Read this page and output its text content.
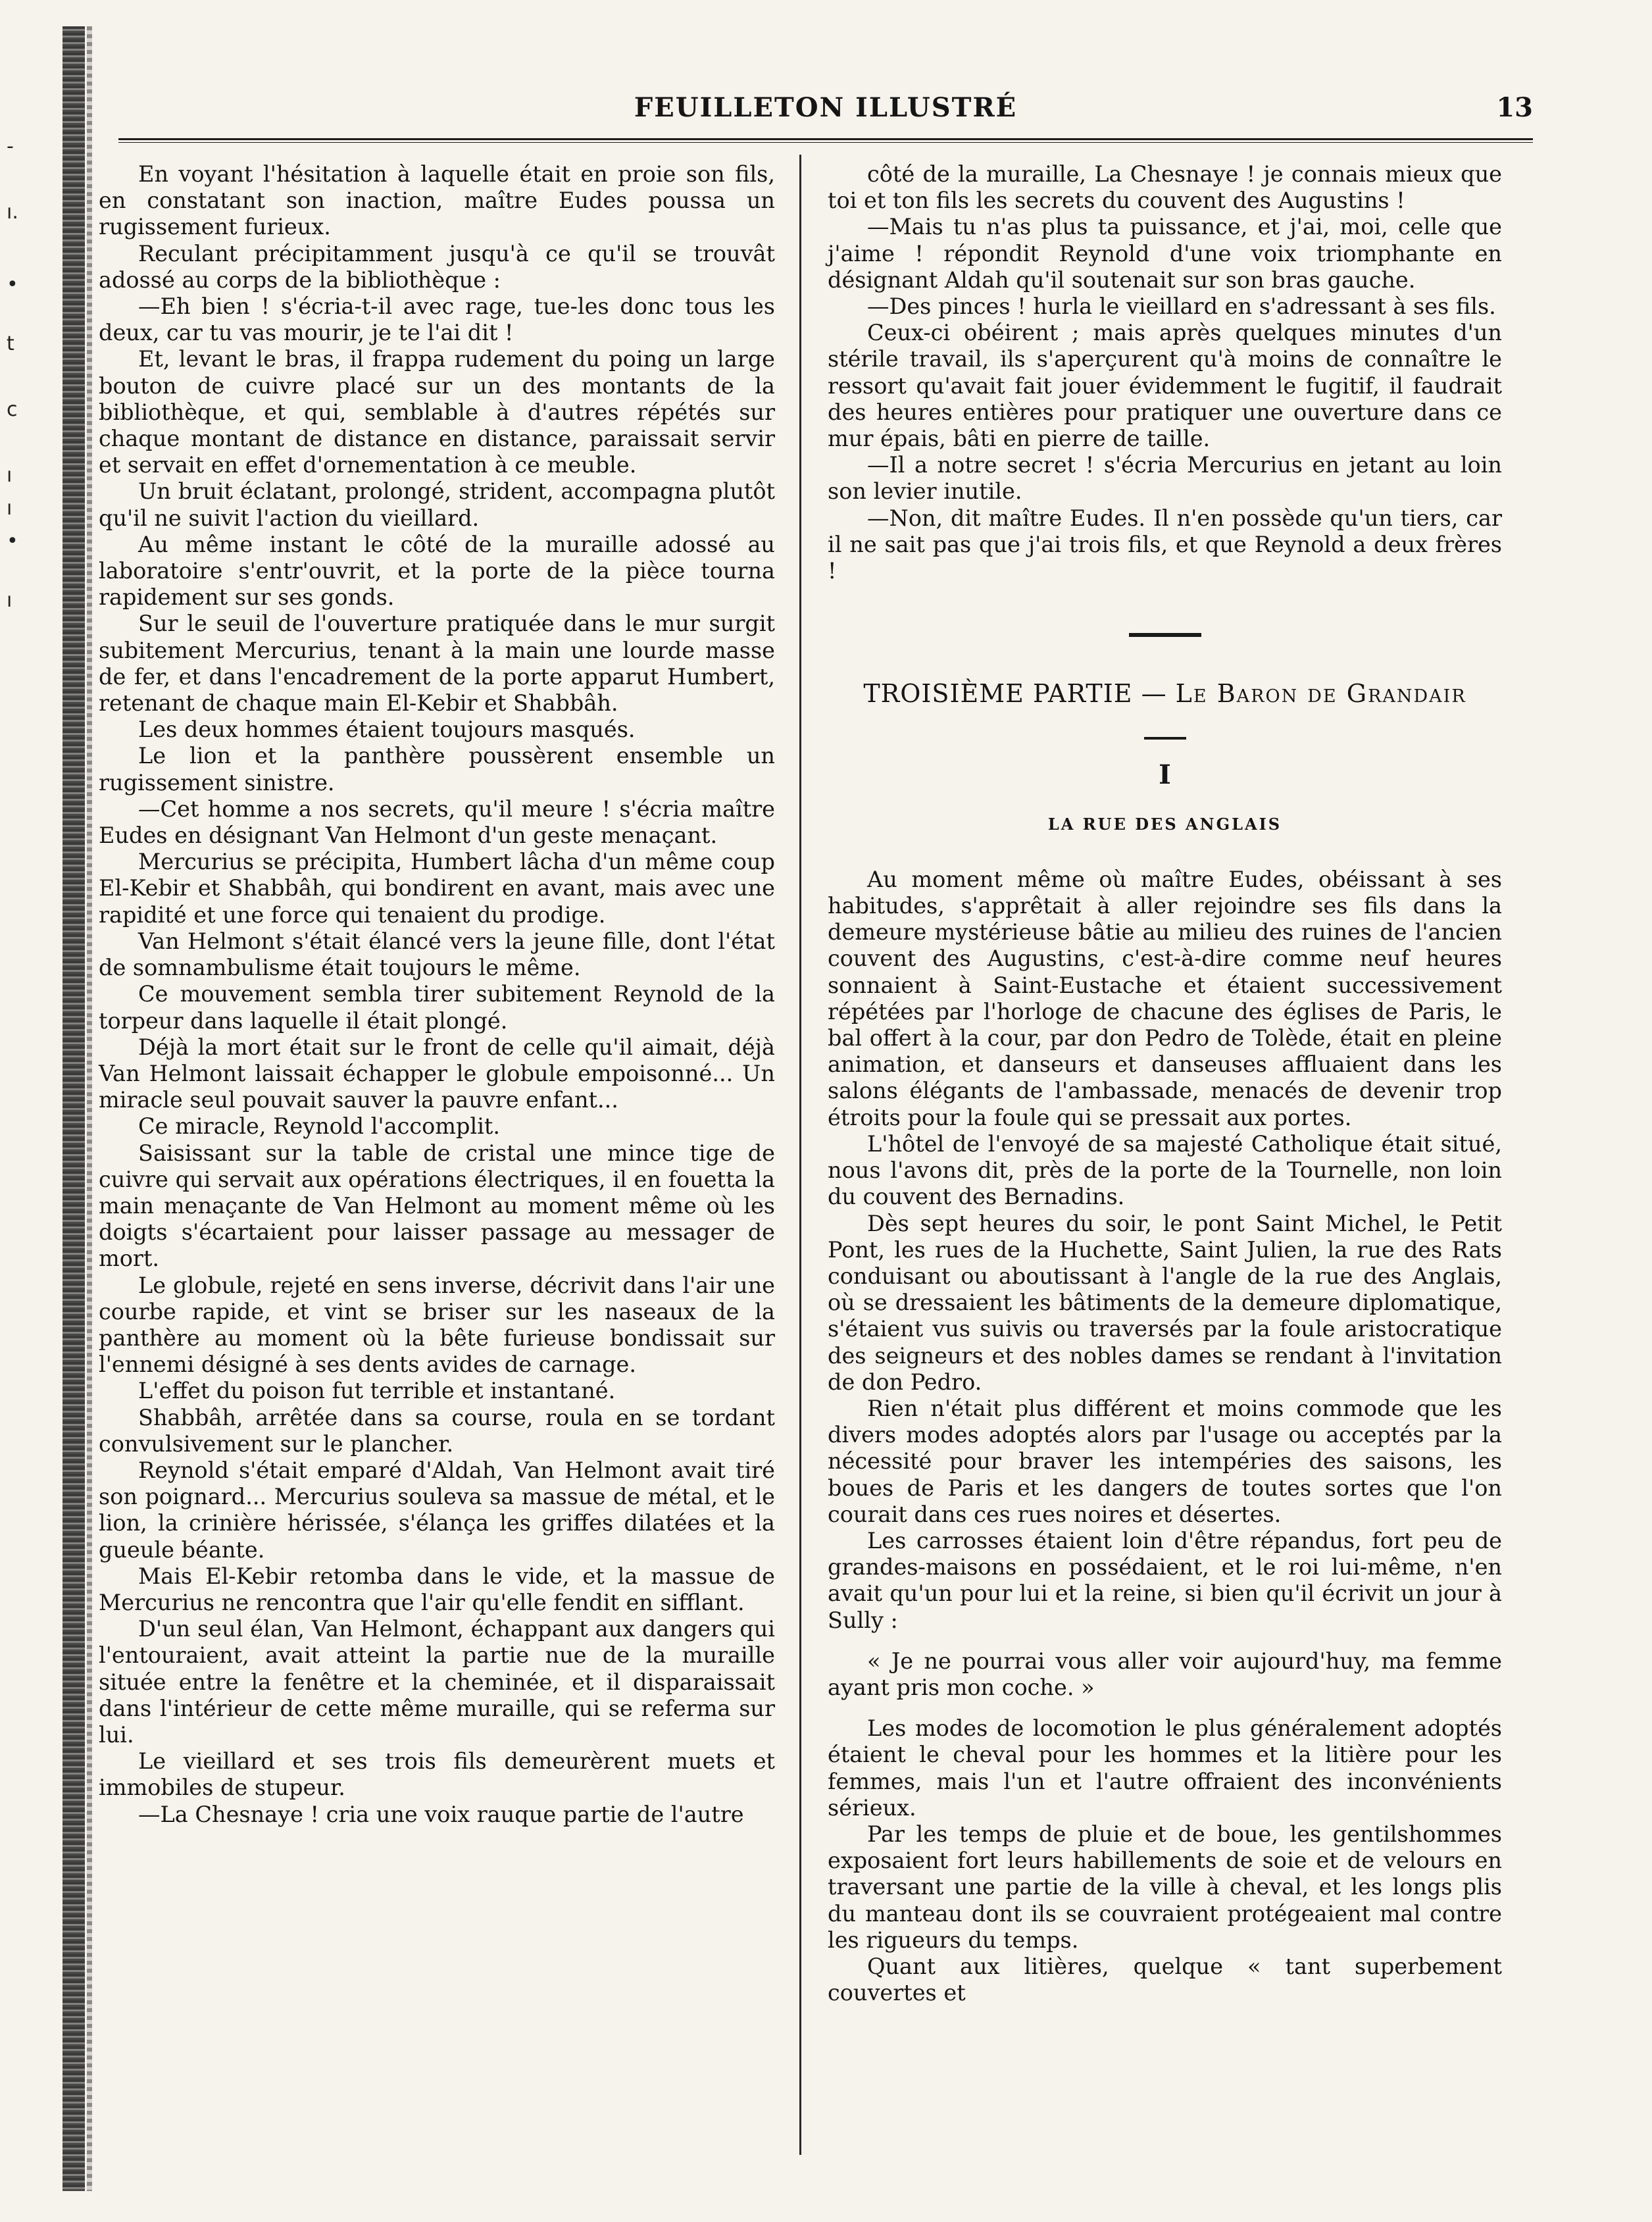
-
ı.
•
t
ᴄ
ı
ı
•
ı
FEUILLETON ILLUSTRÉ	13

En voyant l'hésitation à laquelle était en proie son fils, en constatant son inaction, maître Eudes poussa un rugissement furieux.

Reculant précipitamment jusqu'à ce qu'il se trouvât adossé au corps de la bibliothèque :

—Eh bien ! s'écria-t-il avec rage, tue-les donc tous les deux, car tu vas mourir, je te l'ai dit !

Et, levant le bras, il frappa rudement du poing un large bouton de cuivre placé sur un des montants de la bibliothèque, et qui, semblable à d'autres répétés sur chaque montant de distance en distance, paraissait servir et servait en effet d'ornementation à ce meuble.

Un bruit éclatant, prolongé, strident, accompagna plutôt qu'il ne suivit l'action du vieillard.

Au même instant le côté de la muraille adossé au laboratoire s'entr'ouvrit, et la porte de la pièce tourna rapidement sur ses gonds.

Sur le seuil de l'ouverture pratiquée dans le mur surgit subitement Mercurius, tenant à la main une lourde masse de fer, et dans l'encadrement de la porte apparut Humbert, retenant de chaque main El-Kebir et Shabbâh.

Les deux hommes étaient toujours masqués.

Le lion et la panthère poussèrent ensemble un rugissement sinistre.

—Cet homme a nos secrets, qu'il meure ! s'écria maître Eudes en désignant Van Helmont d'un geste menaçant.

Mercurius se précipita, Humbert lâcha d'un même coup El-Kebir et Shabbâh, qui bondirent en avant, mais avec une rapidité et une force qui tenaient du prodige.

Van Helmont s'était élancé vers la jeune fille, dont l'état de somnambulisme était toujours le même.

Ce mouvement sembla tirer subitement Reynold de la torpeur dans laquelle il était plongé.

Déjà la mort était sur le front de celle qu'il aimait, déjà Van Helmont laissait échapper le globule empoisonné... Un miracle seul pouvait sauver la pauvre enfant...

Ce miracle, Reynold l'accomplit.

Saisissant sur la table de cristal une mince tige de cuivre qui servait aux opérations électriques, il en fouetta la main menaçante de Van Helmont au moment même où les doigts s'écartaient pour laisser passage au messager de mort.

Le globule, rejeté en sens inverse, décrivit dans l'air une courbe rapide, et vint se briser sur les naseaux de la panthère au moment où la bête furieuse bondissait sur l'ennemi désigné à ses dents avides de carnage.

L'effet du poison fut terrible et instantané.

Shabbâh, arrêtée dans sa course, roula en se tordant convulsivement sur le plancher.

Reynold s'était emparé d'Aldah, Van Helmont avait tiré son poignard... Mercurius souleva sa massue de métal, et le lion, la crinière hérissée, s'élança les griffes dilatées et la gueule béante.

Mais El-Kebir retomba dans le vide, et la massue de Mercurius ne rencontra que l'air qu'elle fendit en sifflant.

D'un seul élan, Van Helmont, échappant aux dangers qui l'entouraient, avait atteint la partie nue de la muraille située entre la fenêtre et la cheminée, et il disparaissait dans l'intérieur de cette même muraille, qui se referma sur lui.

Le vieillard et ses trois fils demeurèrent muets et immobiles de stupeur.

—La Chesnaye ! cria une voix rauque partie de l'autre

côté de la muraille, La Chesnaye ! je connais mieux que toi et ton fils les secrets du couvent des Augustins !

—Mais tu n'as plus ta puissance, et j'ai, moi, celle que j'aime ! répondit Reynold d'une voix triomphante en désignant Aldah qu'il soutenait sur son bras gauche.

—Des pinces ! hurla le vieillard en s'adressant à ses fils.

Ceux-ci obéirent ; mais après quelques minutes d'un stérile travail, ils s'aperçurent qu'à moins de connaître le ressort qu'avait fait jouer évidemment le fugitif, il faudrait des heures entières pour pratiquer une ouverture dans ce mur épais, bâti en pierre de taille.

—Il a notre secret ! s'écria Mercurius en jetant au loin son levier inutile.

—Non, dit maître Eudes. Il n'en possède qu'un tiers, car il ne sait pas que j'ai trois fils, et que Reynold a deux frères !

TROISIÈME PARTIE — Le Baron de Grandair

I

LA RUE DES ANGLAIS

Au moment même où maître Eudes, obéissant à ses habitudes, s'apprêtait à aller rejoindre ses fils dans la demeure mystérieuse bâtie au milieu des ruines de l'ancien couvent des Augustins, c'est-à-dire comme neuf heures sonnaient à Saint-Eustache et étaient successivement répétées par l'horloge de chacune des églises de Paris, le bal offert à la cour, par don Pedro de Tolède, était en pleine animation, et danseurs et danseuses affluaient dans les salons élégants de l'ambassade, menacés de devenir trop étroits pour la foule qui se pressait aux portes.

L'hôtel de l'envoyé de sa majesté Catholique était situé, nous l'avons dit, près de la porte de la Tournelle, non loin du couvent des Bernadins.

Dès sept heures du soir, le pont Saint Michel, le Petit Pont, les rues de la Huchette, Saint Julien, la rue des Rats conduisant ou aboutissant à l'angle de la rue des Anglais, où se dressaient les bâtiments de la demeure diplomatique, s'étaient vus suivis ou traversés par la foule aristocratique des seigneurs et des nobles dames se rendant à l'invitation de don Pedro.

Rien n'était plus différent et moins commode que les divers modes adoptés alors par l'usage ou acceptés par la nécessité pour braver les intempéries des saisons, les boues de Paris et les dangers de toutes sortes que l'on courait dans ces rues noires et désertes.

Les carrosses étaient loin d'être répandus, fort peu de grandes-maisons en possédaient, et le roi lui-même, n'en avait qu'un pour lui et la reine, si bien qu'il écrivit un jour à Sully :

« Je ne pourrai vous aller voir aujourd'huy, ma femme ayant pris mon coche. »

Les modes de locomotion le plus généralement adoptés étaient le cheval pour les hommes et la litière pour les femmes, mais l'un et l'autre offraient des inconvénients sérieux.

Par les temps de pluie et de boue, les gentilshommes exposaient fort leurs habillements de soie et de velours en traversant une partie de la ville à cheval, et les longs plis du manteau dont ils se couvraient protégeaient mal contre les rigueurs du temps.

Quant aux litières, quelque « tant superbement couvertes et
